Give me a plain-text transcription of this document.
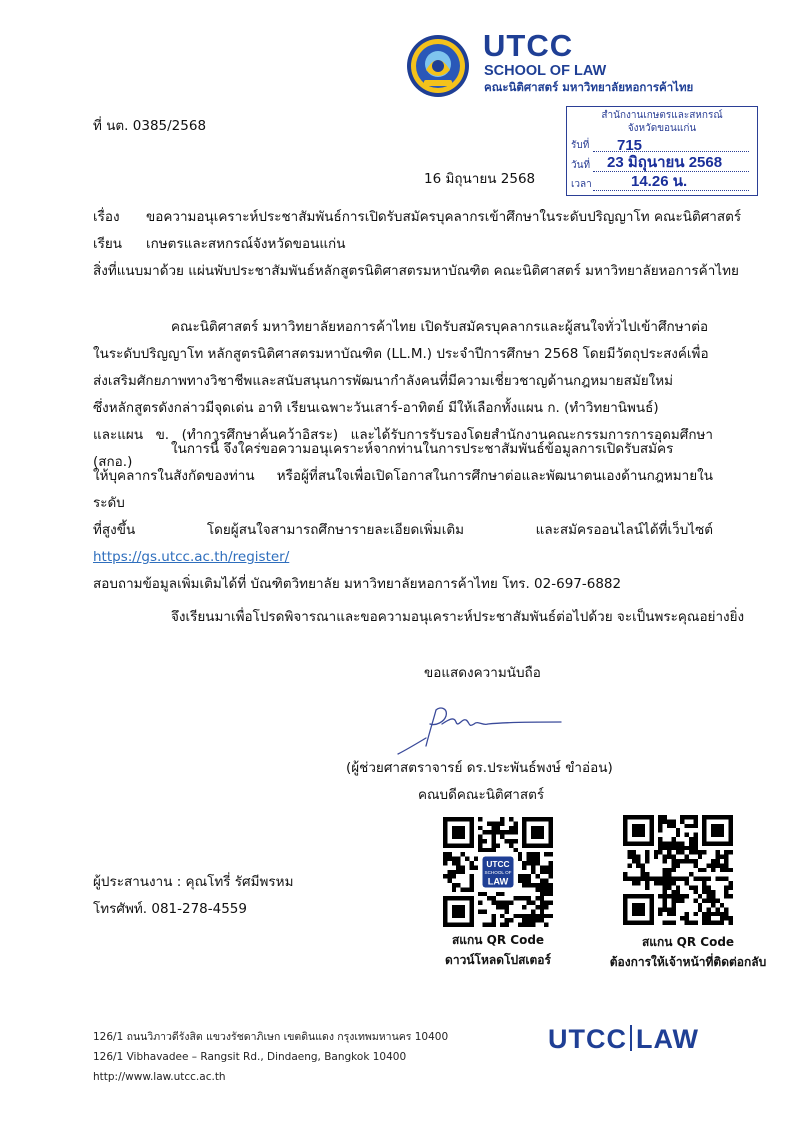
UTCC
SCHOOL OF LAW
คณะนิติศาสตร์ มหาวิทยาลัยหอการค้าไทย
สำนักงานเกษตรและสหกรณ์
จังหวัดขอนแก่น
รับที่ 715
วันที่ 23 มิถุนายน 2568
เวลา	14.26 น.
ที่ นต. 0385/2568
16 มิถุนายน 2568
เรื่อง ขอความอนุเคราะห์ประชาสัมพันธ์การเปิดรับสมัครบุคลากรเข้าศึกษาในระดับปริญญาโท คณะนิติศาสตร์
เรียน เกษตรและสหกรณ์จังหวัดขอนแก่น
สิ่งที่แนบมาด้วย แผ่นพับประชาสัมพันธ์หลักสูตรนิติศาสตรมหาบัณฑิต คณะนิติศาสตร์ มหาวิทยาลัยหอการค้าไทย
คณะนิติศาสตร์ มหาวิทยาลัยหอการค้าไทย เปิดรับสมัครบุคลากรและผู้สนใจทั่วไปเข้าศึกษาต่อ
ในระดับปริญญาโท หลักสูตรนิติศาสตรมหาบัณฑิต (LL.M.) ประจำปีการศึกษา 2568 โดยมีวัตถุประสงค์เพื่อ
ส่งเสริมศักยภาพทางวิชาชีพและสนับสนุนการพัฒนากำลังคนที่มีความเชี่ยวชาญด้านกฎหมายสมัยใหม่
ซึ่งหลักสูตรดังกล่าวมีจุดเด่น อาทิ เรียนเฉพาะวันเสาร์-อาทิตย์ มีให้เลือกทั้งแผน ก. (ทำวิทยานิพนธ์)
และแผน ข. (ทำการศึกษาค้นคว้าอิสระ) และได้รับการรับรองโดยสำนักงานคณะกรรมการการอุดมศึกษา (สกอ.)
ในการนี้ จึงใคร่ขอความอนุเคราะห์จากท่านในการประชาสัมพันธ์ข้อมูลการเปิดรับสมัคร
ให้บุคลากรในสังกัดของท่าน หรือผู้ที่สนใจเพื่อเปิดโอกาสในการศึกษาต่อและพัฒนาตนเองด้านกฎหมายในระดับ
ที่สูงขึ้น โดยผู้สนใจสามารถศึกษารายละเอียดเพิ่มเติม และสมัครออนไลน์ได้ที่เว็บไซต์ https://gs.utcc.ac.th/register/
สอบถามข้อมูลเพิ่มเติมได้ที่ บัณฑิตวิทยาลัย มหาวิทยาลัยหอการค้าไทย โทร. 02-697-6882
จึงเรียนมาเพื่อโปรดพิจารณาและขอความอนุเคราะห์ประชาสัมพันธ์ต่อไปด้วย จะเป็นพระคุณอย่างยิ่ง
ขอแสดงความนับถือ
(ผู้ช่วยศาสตราจารย์ ดร.ประพันธ์พงษ์ ขำอ่อน)
คณบดีคณะนิติศาสตร์
ผู้ประสานงาน : คุณโทรี่ รัศมีพรหม
โทรศัพท์. 081-278-4559
UTCC
SCHOOL OF
LAW
สแกน QR Code
ดาวน์โหลดโปสเตอร์
สแกน QR Code
ต้องการให้เจ้าหน้าที่ติดต่อกลับ
126/1 ถนนวิภาวดีรังสิต แขวงรัชดาภิเษก เขตดินแดง กรุงเทพมหานคร 10400
126/1 Vibhavadee – Rangsit Rd., Dindaeng, Bangkok 10400
http://www.law.utcc.ac.th
UTCC LAW
